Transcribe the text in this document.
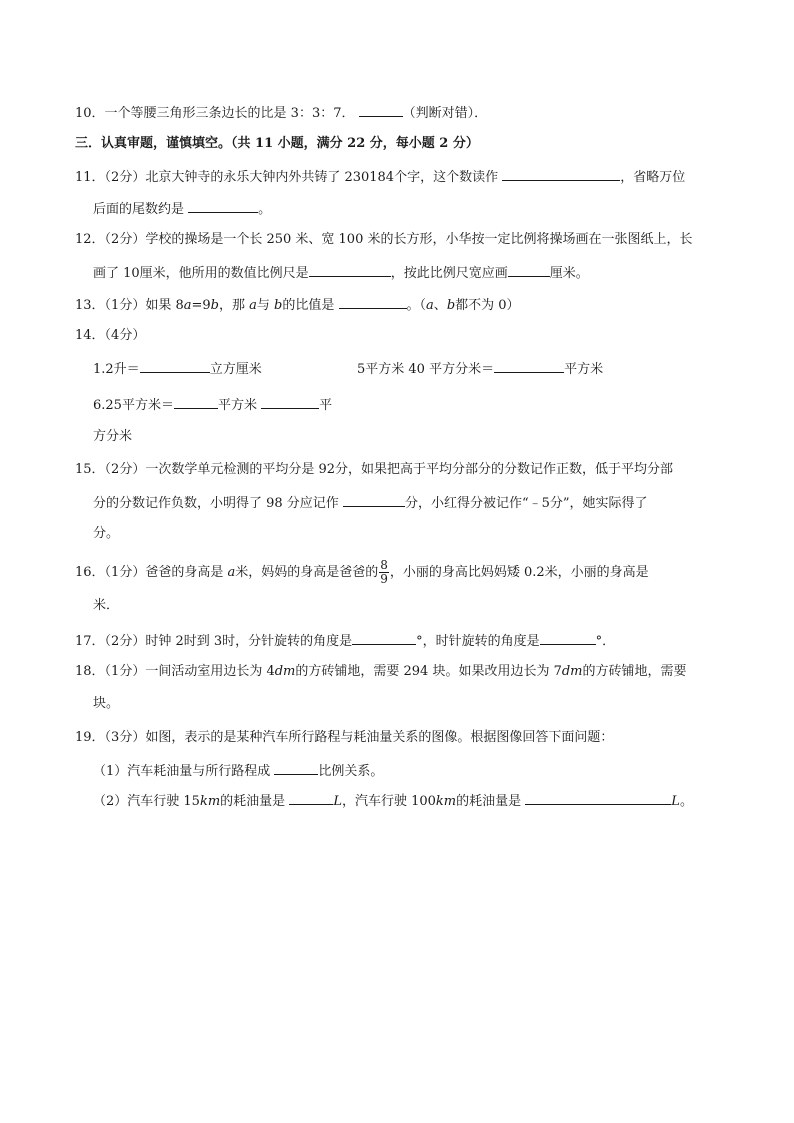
10．一个等腰三角形三条边长的比是 3：3：7．	（判断对错）．
三．认真审题，谨慎填空。（共 11 小题，满分 22 分，每小题 2 分）
11．（2分）北京大钟寺的永乐大钟内外共铸了 230184个字，这个数读作	，省略万位
后面的尾数约是	。
12．（2分）学校的操场是一个长 250 米、宽 100 米的长方形，小华按一定比例将操场画在一张图纸上，长
画了 10厘米，他所用的数值比例尺是	，按此比例尺宽应画	厘米。
13．（1分）如果 8a=9b，那 a与 b的比值是	。（a、b都不为 0）
14．（4分）
1.2升＝	立方厘米	5平方米 40 平方分米＝	平方米
6.25平方米＝	平方米	平
方分米
15．（2分）一次数学单元检测的平均分是 92分，如果把高于平均分部分的分数记作正数，低于平均分部
分的分数记作负数，小明得了 98 分应记作	分，小红得分被记作“﹣5分”，她实际得了
分。
16．（1分）爸爸的身高是 a米，妈妈的身高是爸爸的 $\frac{8}{9}$ ，小丽的身高比妈妈矮 0.2米，小丽的身高是
米．
17．（2分）时钟 2时到 3时，分针旋转的角度是	°，时针旋转的角度是	°．
18．（1分）一间活动室用边长为 4dm的方砖铺地，需要 294 块。如果改用边长为 7dm的方砖铺地，需要
块。
19．（3分）如图，表示的是某种汽车所行路程与耗油量关系的图像。根据图像回答下面问题：
（1）汽车耗油量与所行路程成	比例关系。
（2）汽车行驶 15km的耗油量是	L，汽车行驶 100km的耗油量是	L。
